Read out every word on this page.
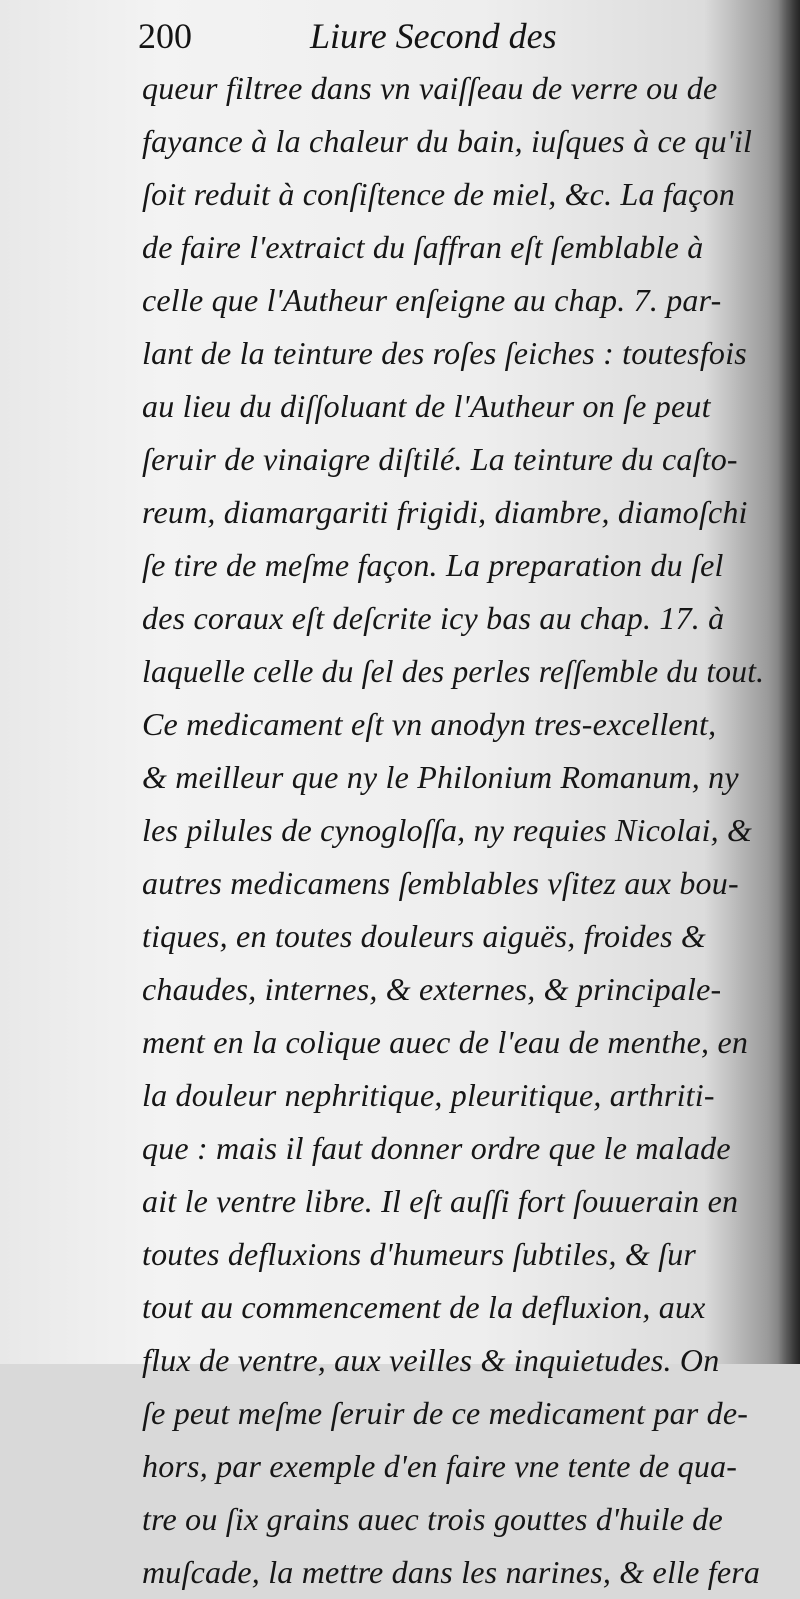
200	Liure Second des
queur filtree dans vn vaiſſeau de verre ou de
fayance à la chaleur du bain, iuſques à ce qu'il
ſoit reduit à conſiſtence de miel, &c. La façon
de faire l'extraict du ſaffran eſt ſemblable à
celle que l'Autheur enſeigne au chap. 7. par-
lant de la teinture des roſes ſeiches : toutesfois
au lieu du diſſoluant de l'Autheur on ſe peut
ſeruir de vinaigre diſtilé. La teinture du caſto-
reum, diamargariti frigidi, diambre, diamoſchi
ſe tire de meſme façon. La preparation du ſel
des coraux eſt deſcrite icy bas au chap. 17. à
laquelle celle du ſel des perles reſſemble du tout.
Ce medicament eſt vn anodyn tres-excellent,
& meilleur que ny le Philonium Romanum, ny
les pilules de cynogloſſa, ny requies Nicolai, &
autres medicamens ſemblables vſitez aux bou-
tiques, en toutes douleurs aiguës, froides &
chaudes, internes, & externes, & principale-
ment en la colique auec de l'eau de menthe, en
la douleur nephritique, pleuritique, arthriti-
que : mais il faut donner ordre que le malade
ait le ventre libre. Il eſt auſſi fort ſouuerain en
toutes defluxions d'humeurs ſubtiles, & ſur
tout au commencement de la defluxion, aux
flux de ventre, aux veilles & inquietudes. On
ſe peut meſme ſeruir de ce medicament par de-
hors, par exemple d'en faire vne tente de qua-
tre ou ſix grains auec trois gouttes d'huile de
muſcade, la mettre dans les narines, & elle fera
